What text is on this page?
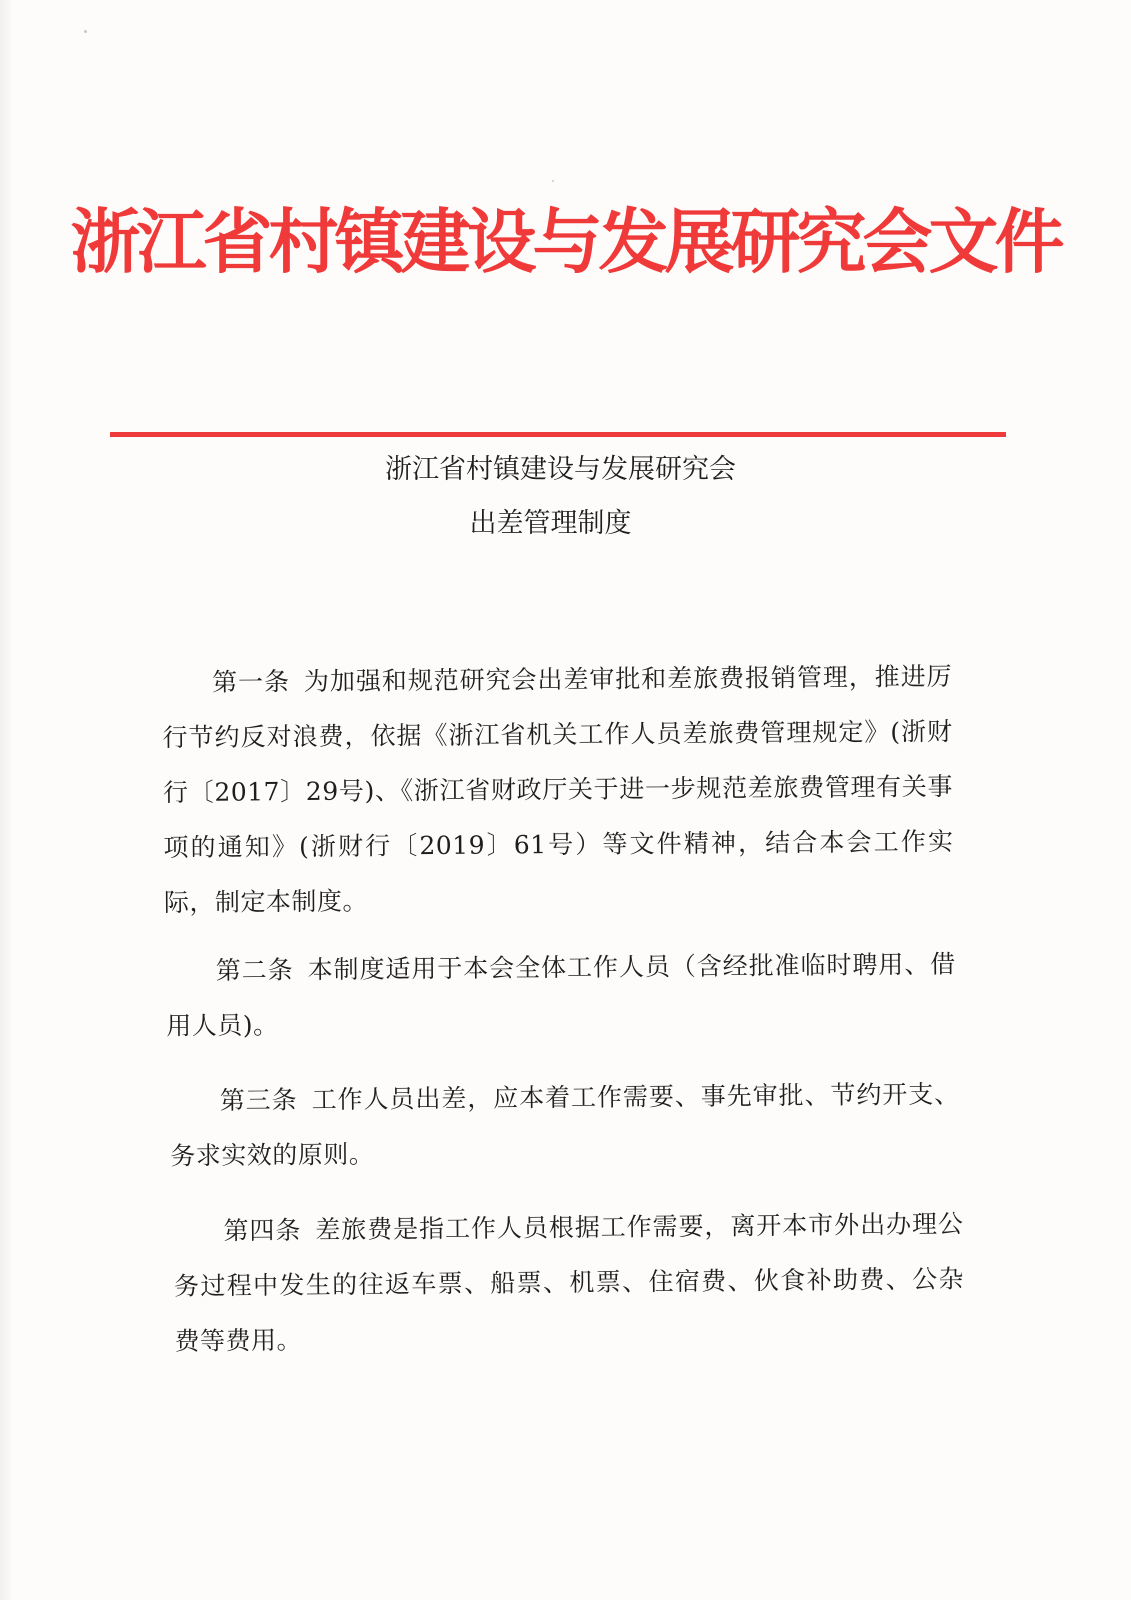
浙江省村镇建设与发展研究会文件
浙江省村镇建设与发展研究会
出差管理制度
第一条 为加强和规范研究会出差审批和差旅费报销管理，推进厉行节约反对浪费，依据《浙江省机关工作人员差旅费管理规定》(浙财行〔2017〕29号)、《浙江省财政厅关于进一步规范差旅费管理有关事项的通知》(浙财行〔2019〕61号）等文件精神，结合本会工作实际，制定本制度。
第二条 本制度适用于本会全体工作人员（含经批准临时聘用、借用人员)。
第三条 工作人员出差，应本着工作需要、事先审批、节约开支、务求实效的原则。
第四条 差旅费是指工作人员根据工作需要，离开本市外出办理公务过程中发生的往返车票、船票、机票、住宿费、伙食补助费、公杂费等费用。
